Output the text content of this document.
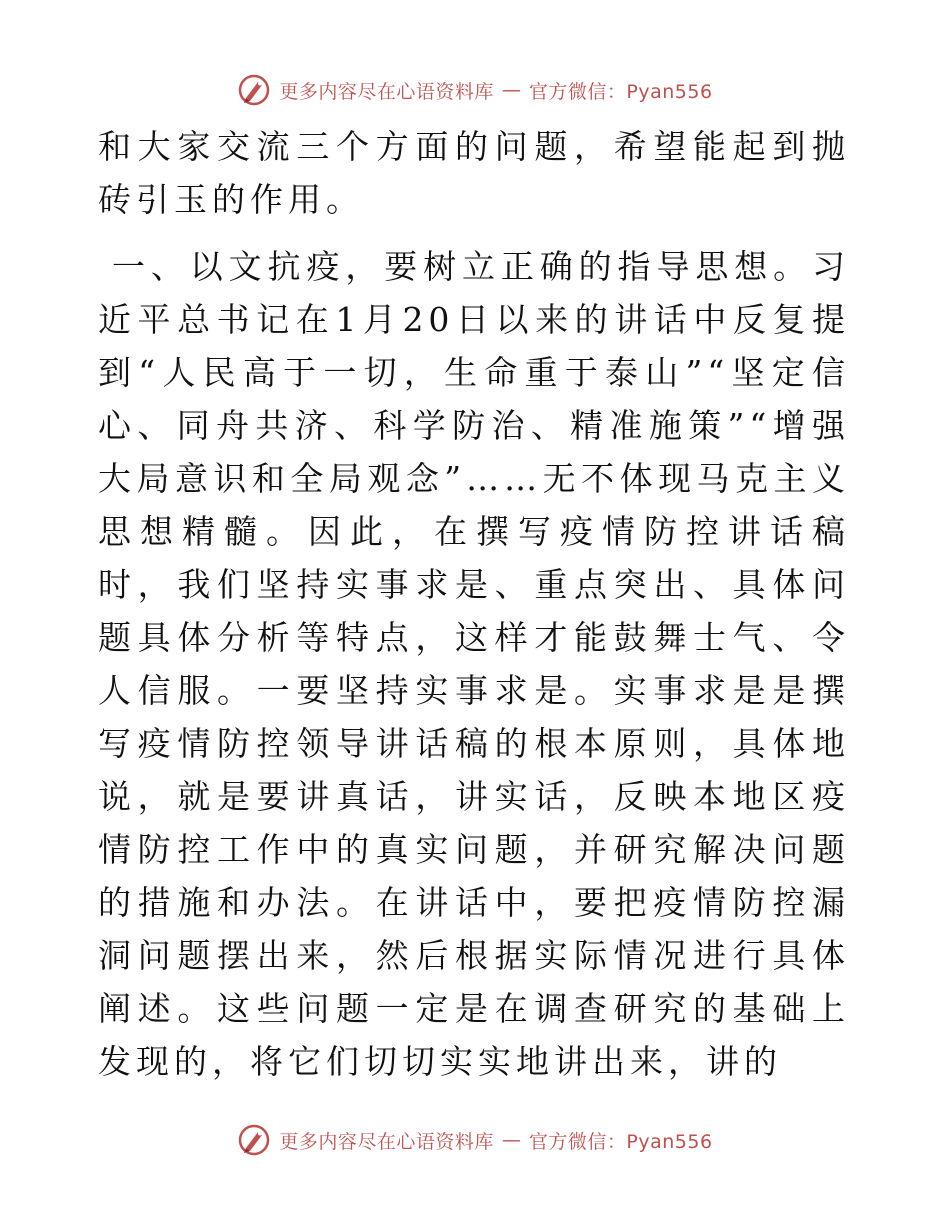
更多内容尽在心语资料库 — 官方微信：Pyan556

和大家交流三个方面的问题，希望能起到抛砖引玉的作用。

一、以文抗疫，要树立正确的指导思想。习近平总书记在1月20日以来的讲话中反复提到“人民高于一切，生命重于泰山”“坚定信心、同舟共济、科学防治、精准施策”“增强大局意识和全局观念”……无不体现马克主义思想精髓。因此，在撰写疫情防控讲话稿时，我们坚持实事求是、重点突出、具体问题具体分析等特点，这样才能鼓舞士气、令人信服。一要坚持实事求是。实事求是是撰写疫情防控领导讲话稿的根本原则，具体地说，就是要讲真话，讲实话，反映本地区疫情防控工作中的真实问题，并研究解决问题的措施和办法。在讲话中，要把疫情防控漏洞问题摆出来，然后根据实际情况进行具体阐述。这些问题一定是在调查研究的基础上发现的，将它们切切实实地讲出来，讲的

更多内容尽在心语资料库 — 官方微信：Pyan556
